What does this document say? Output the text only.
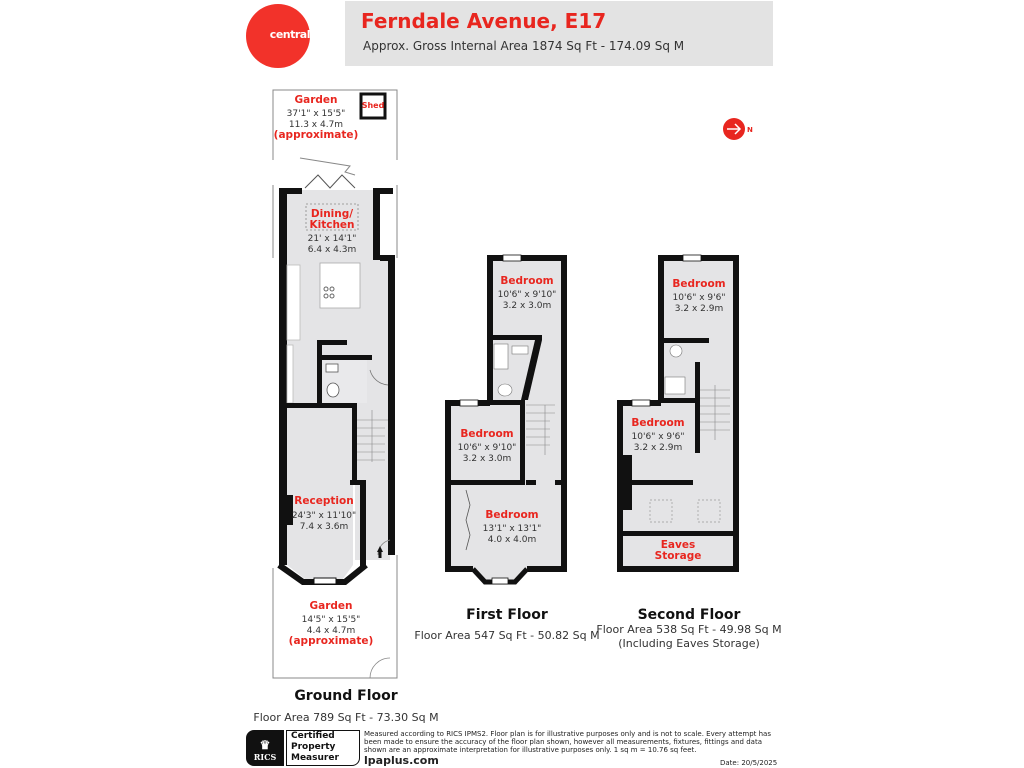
central
Ferndale Avenue, E17
Approx. Gross Internal Area 1874 Sq Ft - 174.09 Sq M
N
Garden
37'1" x 15'5"
11.3 x 4.7m
(approximate)
Shed
Dining/
Kitchen
21' x 14'1"
6.4 x 4.3m
Reception
24'3" x 11'10"
7.4 x 3.6m
Garden
14'5" x 15'5"
4.4 x 4.7m
(approximate)
Bedroom
10'6" x 9'10"
3.2 x 3.0m
Bedroom
10'6" x 9'10"
3.2 x 3.0m
Bedroom
13'1" x 13'1"
4.0 x 4.0m
Bedroom
10'6" x 9'6"
3.2 x 2.9m
Bedroom
10'6" x 9'6"
3.2 x 2.9m
Eaves
Storage
Ground Floor
Floor Area 789 Sq Ft - 73.30 Sq M
First Floor
Floor Area 547 Sq Ft - 50.82 Sq M
Second Floor
Floor Area 538 Sq Ft - 49.98 Sq M
(Including Eaves Storage)
♛
RICS
Certified
Property
Measurer
Measured according to RICS IPMS2. Floor plan is for illustrative purposes only and is not to scale. Every attempt has been made to ensure the accuracy of the floor plan shown, however all measurements, fixtures, fittings and data shown are an approximate interpretation for illustrative purposes only. 1 sq m = 10.76 sq feet.
lpaplus.com	Date: 20/5/2025
